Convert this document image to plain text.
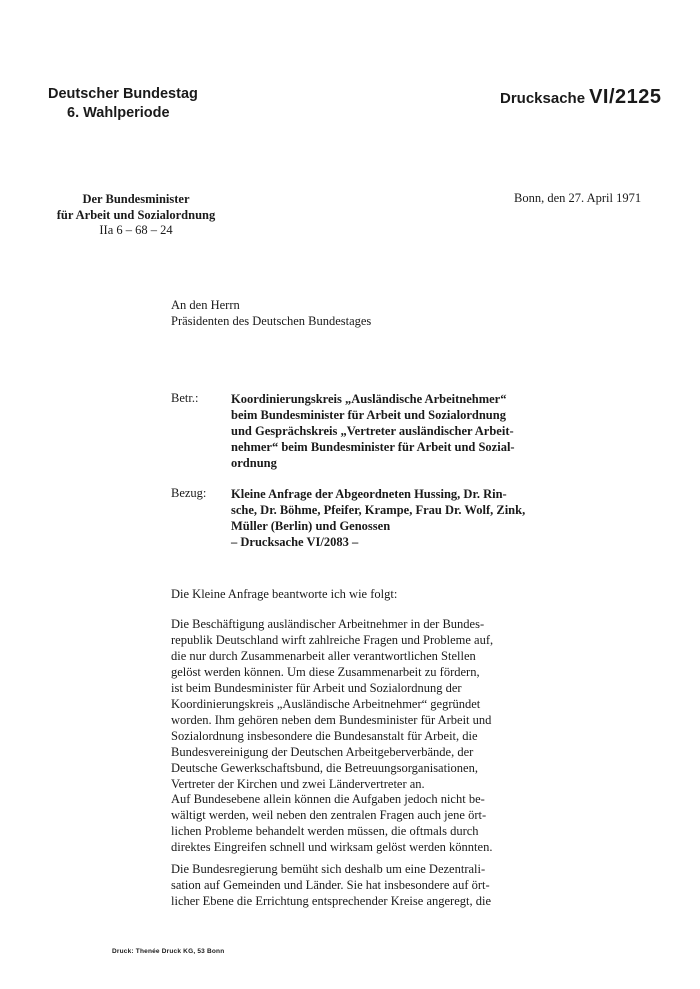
Deutscher Bundestag
6. Wahlperiode
Drucksache VI/2125
Der Bundesminister
für Arbeit und Sozialordnung
IIa 6 – 68 – 24
Bonn, den 27. April 1971
An den Herrn
Präsidenten des Deutschen Bundestages
Betr.:	Koordinierungskreis „Ausländische Arbeitnehmer“
beim Bundesminister für Arbeit und Sozialordnung
und Gesprächskreis „Vertreter ausländischer Arbeit-
nehmer“ beim Bundesminister für Arbeit und Sozial-
ordnung
Bezug: Kleine Anfrage der Abgeordneten Hussing, Dr. Rin-
sche, Dr. Böhme, Pfeifer, Krampe, Frau Dr. Wolf, Zink,
Müller (Berlin) und Genossen
– Drucksache VI/2083 –
Die Kleine Anfrage beantworte ich wie folgt:
Die Beschäftigung ausländischer Arbeitnehmer in der Bundes-
republik Deutschland wirft zahlreiche Fragen und Probleme auf,
die nur durch Zusammenarbeit aller verantwortlichen Stellen
gelöst werden können. Um diese Zusammenarbeit zu fördern,
ist beim Bundesminister für Arbeit und Sozialordnung der
Koordinierungskreis „Ausländische Arbeitnehmer“ gegründet
worden. Ihm gehören neben dem Bundesminister für Arbeit und
Sozialordnung insbesondere die Bundesanstalt für Arbeit, die
Bundesvereinigung der Deutschen Arbeitgeberverbände, der
Deutsche Gewerkschaftsbund, die Betreuungsorganisationen,
Vertreter der Kirchen und zwei Ländervertreter an.
Auf Bundesebene allein können die Aufgaben jedoch nicht be-
wältigt werden, weil neben den zentralen Fragen auch jene ört-
lichen Probleme behandelt werden müssen, die oftmals durch
direktes Eingreifen schnell und wirksam gelöst werden könnten.
Die Bundesregierung bemüht sich deshalb um eine Dezentrali-
sation auf Gemeinden und Länder. Sie hat insbesondere auf ört-
licher Ebene die Errichtung entsprechender Kreise angeregt, die
Druck: Thenée Druck KG, 53 Bonn
